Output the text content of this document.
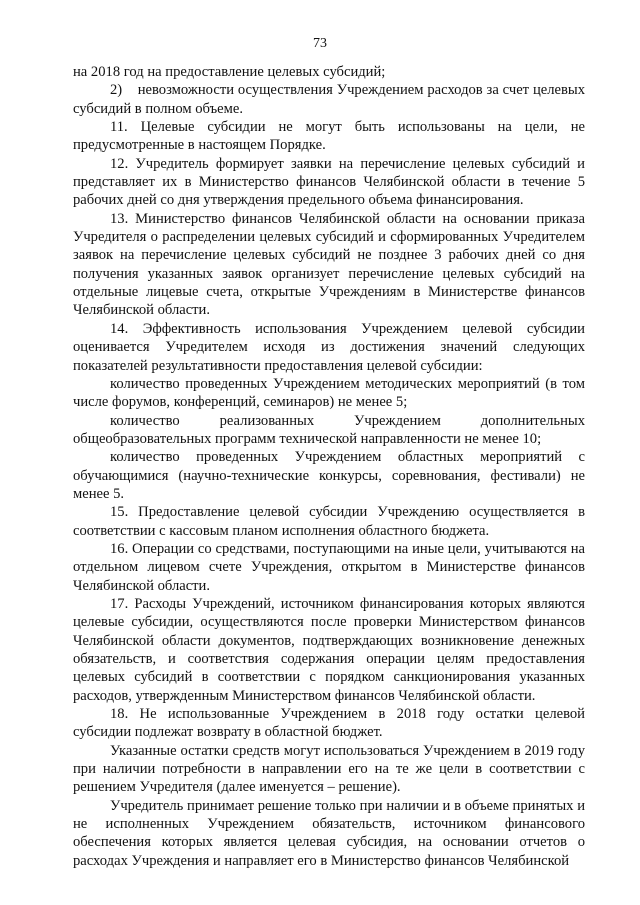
73

на 2018 год на предоставление целевых субсидий;

2)    невозможности осуществления Учреждением расходов за счет целевых субсидий в полном объеме.

11. Целевые субсидии не могут быть использованы на цели, не предусмотренные в настоящем Порядке.

12. Учредитель формирует заявки на перечисление целевых субсидий и представляет их в Министерство финансов Челябинской области в течение 5 рабочих дней со дня утверждения предельного объема финансирования.

13. Министерство финансов Челябинской области на основании приказа Учредителя о распределении целевых субсидий и сформированных Учредителем заявок на перечисление целевых субсидий не позднее 3 рабочих дней со дня получения указанных заявок организует перечисление целевых субсидий на отдельные лицевые счета, открытые Учреждениям в Министерстве финансов Челябинской области.

14. Эффективность использования Учреждением целевой субсидии оценивается Учредителем исходя из достижения значений следующих показателей результативности предоставления целевой субсидии:

количество проведенных Учреждением методических мероприятий (в том числе форумов, конференций, семинаров) не менее 5;

количество реализованных Учреждением дополнительных общеобразовательных программ технической направленности не менее 10;

количество проведенных Учреждением областных мероприятий с обучающимися (научно-технические конкурсы, соревнования, фестивали) не менее 5.

15. Предоставление целевой субсидии Учреждению осуществляется в соответствии с кассовым планом исполнения областного бюджета.

16. Операции со средствами, поступающими на иные цели, учитываются на отдельном лицевом счете Учреждения, открытом в Министерстве финансов Челябинской области.

17. Расходы Учреждений, источником финансирования которых являются целевые субсидии, осуществляются после проверки Министерством финансов Челябинской области документов, подтверждающих возникновение денежных обязательств, и соответствия содержания операции целям предоставления целевых субсидий в соответствии с порядком санкционирования указанных расходов, утвержденным Министерством финансов Челябинской области.

18. Не использованные Учреждением в 2018 году остатки целевой субсидии подлежат возврату в областной бюджет.

Указанные остатки средств могут использоваться Учреждением в 2019 году при наличии потребности в направлении его на те же цели в соответствии с решением Учредителя (далее именуется – решение).

Учредитель принимает решение только при наличии и в объеме принятых и не исполненных Учреждением обязательств, источником финансового обеспечения которых является целевая субсидия, на основании отчетов о расходах Учреждения и направляет его в Министерство финансов Челябинской
